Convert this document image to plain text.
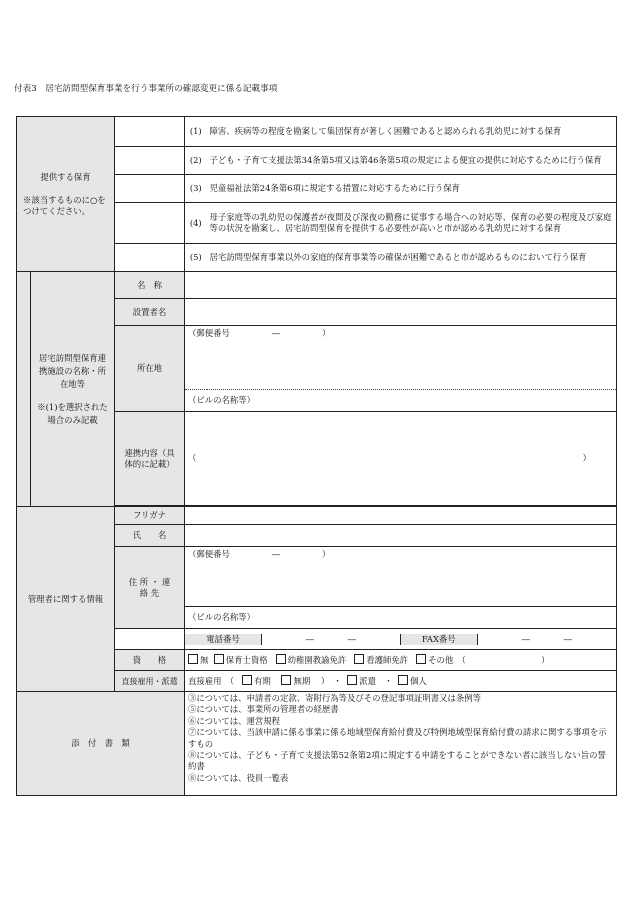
付表3　居宅訪問型保育事業を行う事業所の確認変更に係る記載事項
提供する保育
※該当するものに○をつけてください。
		(1)	障害、疾病等の程度を勘案して集団保育が著しく困難であると認められる乳幼児に対する保育
	(2)	子ども・子育て支援法第34条第5項又は第46条第5項の規定による便宜の提供に対応するために行う保育
	(3)	児童福祉法第24条第6項に規定する措置に対応するために行う保育
	(4)	母子家庭等の乳幼児の保護者が夜間及び深夜の勤務に従事する場合への対応等、保育の必要の程度及び家庭等の状況を勘案し、居宅訪問型保育を提供する必要性が高いと市が認める乳幼児に対する保育
	(5)	居宅訪問型保育事業以外の家庭的保育事業等の確保が困難であると市が認めるものにおいて行う保育

居宅訪問型保育連携施設の名称・所在地等
※(1)を選択された場合のみ記載
	名　称	
設置者名	
所在地	（郵便番号　　　　　―　　　　　）
（ビルの名称等）
連携内容（具体的に記載）	（	）

管理者に関する情報	フリガナ	
氏　　名	
住 所 ・ 連 絡 先	（郵便番号　　　　　―　　　　　）
（ビルの名称等）

電話番号	―　　　　―	FAX番号	―　　　　―

資　　格	無 保育士資格 幼稚園教諭免許 看護師免許 その他　（　　　　　　　　　）
直接雇用・派遣	直接雇用　（ 有期	無期 ）　・ 派遣　・ 個人
添　付　書　類	
③については、申請者の定款、寄附行為等及びその登記事項証明書又は条例等
⑤については、事業所の管理者の経歴書
⑥については、運営規程
⑦については、当該申請に係る事業に係る地域型保育給付費及び特例地域型保育給付費の請求に関する事項を示すもの
⑧については、子ども・子育て支援法第52条第2項に規定する申請をすることができない者に該当しない旨の誓約書
⑧については、役員一覧表
